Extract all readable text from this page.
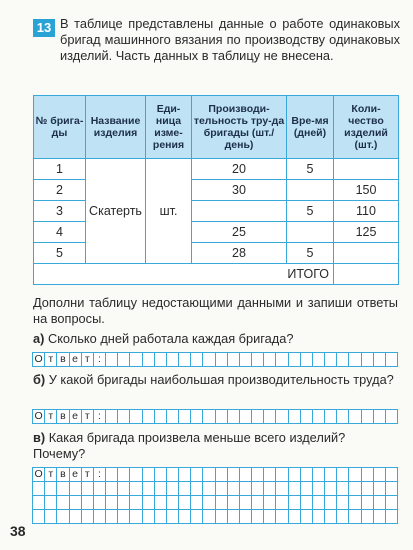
13 В таблице представлены данные о работе одинаковых бригад машинного вязания по производству одинаковых изделий. Часть данных в таблицу не внесена.
№ брига-ды	Название изделия	Еди-ница изме-рения	Производи-тельность тру-да бригады (шт./день)	Вре-мя (дней)	Коли-чество изделий (шт.)
1	Скатерть	шт.	20	5	
2			30		150
3				5	110
4			25		125
5			28	5	
ИТОГО					
Дополни таблицу недостающими данными и запиши ответы на вопросы.
а) Сколько дней работала каждая бригада?
О т в е т :
б) У какой бригады наибольшая производительность труда?
О т в е т :
в) Какая бригада произвела меньше всего изделий? Почему?
О т в е т :
38
